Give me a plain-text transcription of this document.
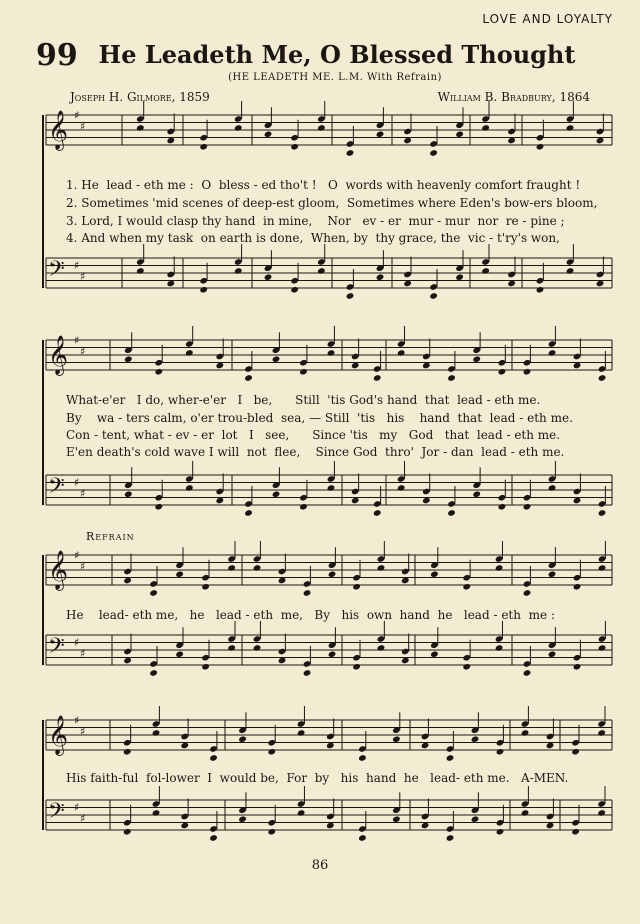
LOVE AND LOYALTY
99 He Leadeth Me, O Blessed Thought
(HE LEADETH ME. L.M. With Refrain)
Joseph H. Gilmore, 1859	William B. Bradbury, 1864
𝄞 ♯
♯
𝄢 ♯
♯
𝄞 ♯
♯
𝄢 ♯
♯
𝄞 ♯
♯
𝄢 ♯
♯
𝄞 ♯
♯
𝄢 ♯
♯
1. He  lead - eth me :  O  bless - ed tho't !   O  words with heavenly comfort fraught !
2. Sometimes 'mid scenes of deep-est gloom,  Sometimes where Eden's bow-ers bloom,
3. Lord, I would clasp thy hand  in mine,    Nor   ev - er  mur - mur  nor  re - pine ;
4. And when my task  on earth is done,  When, by  thy grace, the  vic - t'ry's won,
What-e'er   I do, wher-e'er   I   be,      Still  'tis God's hand  that  lead - eth me.
By    wa - ters calm, o'er trou-bled  sea, — Still  'tis   his    hand  that  lead - eth me.
Con - tent, what - ev - er  lot   I   see,      Since 'tis   my   God   that  lead - eth me.
E'en death's cold wave I will  not  flee,    Since God  thro'  Jor - dan  lead - eth me.
Refrain
He    lead- eth me,   he   lead - eth  me,   By   his  own  hand  he   lead - eth  me :
His faith-ful  fol-lower  I  would be,  For  by   his  hand  he   lead- eth me.   A-MEN.
86
